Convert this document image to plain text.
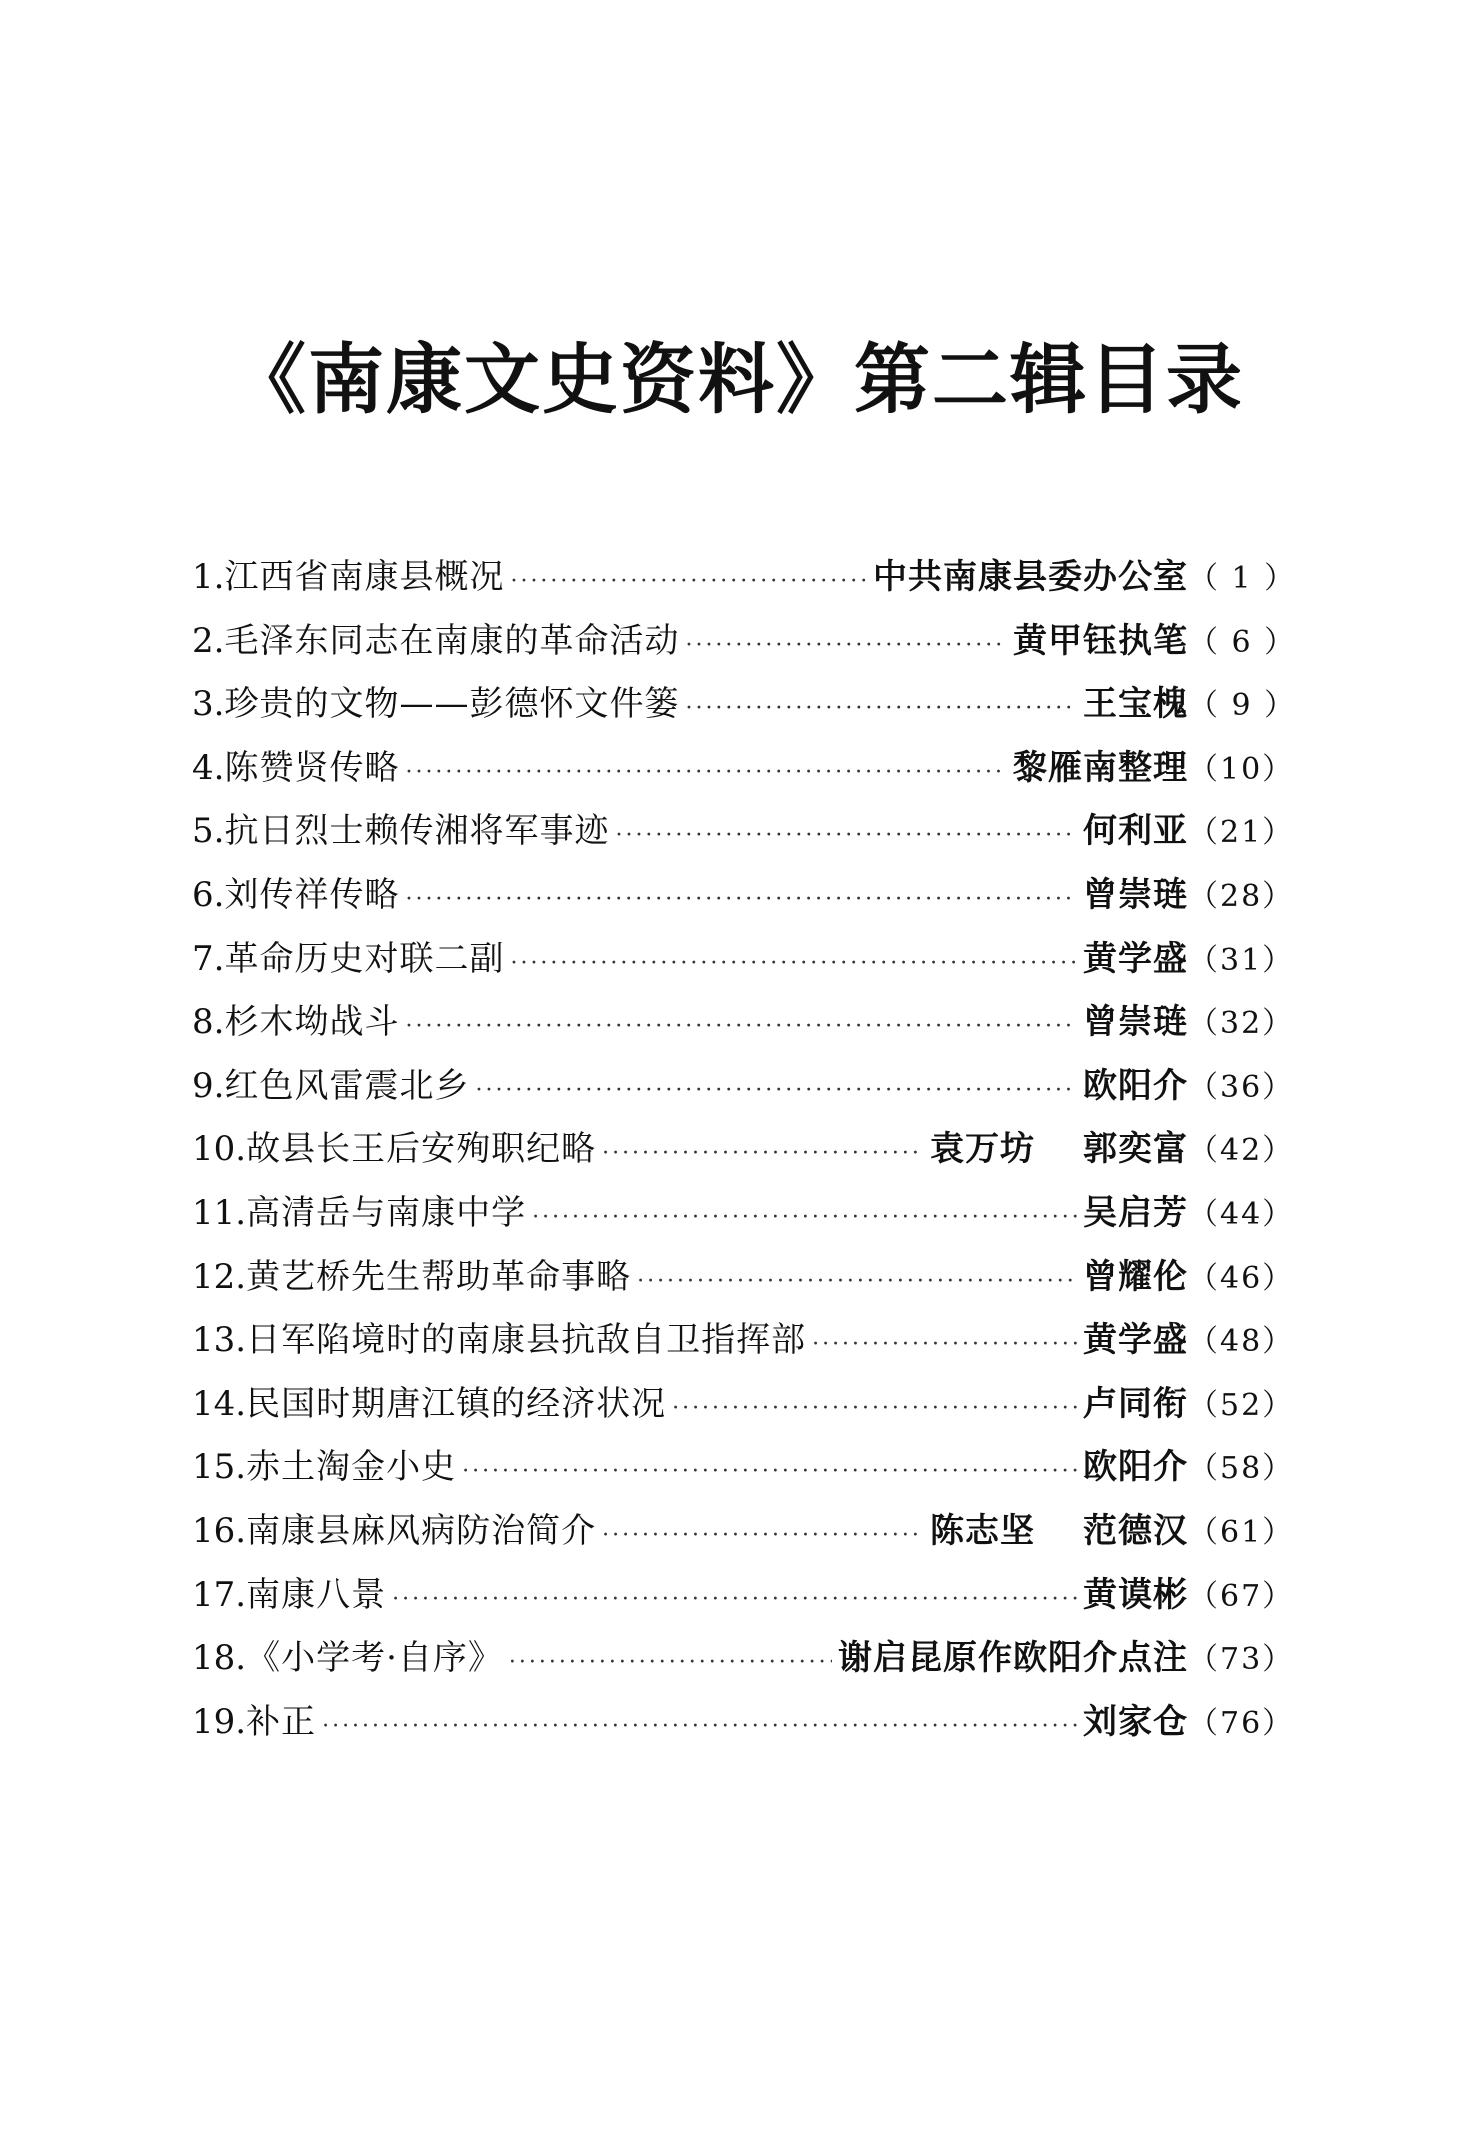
《南康文史资料》第二辑目录
1. 江西省南康县概况 ·····	中共南康县委办公室 （ 1 ）
2. 毛泽东同志在南康的革命活动 ·····	黄甲钰执笔 （ 6 ）
3. 珍贵的文物——彭德怀文件篓 ·····	王宝槐 （ 9 ）
4. 陈赞贤传略 ·····	黎雁南整理 （10）
5. 抗日烈士赖传湘将军事迹 ·····	何利亚 （21）
6. 刘传祥传略 ·····	曾崇琏 （28）
7. 革命历史对联二副 ·····	黄学盛 （31）
8. 杉木坳战斗 ·····	曾崇琏 （32）
9. 红色风雷震北乡 ·····	欧阳介 （36）
10. 故县长王后安殉职纪略 ·····	袁万坊 郭奕富 （42）
11. 高清岳与南康中学 ·····	吴启芳 （44）
12. 黄艺桥先生帮助革命事略 ·····	曾耀伦 （46）
13. 日军陷境时的南康县抗敌自卫指挥部 ·····	黄学盛 （48）
14. 民国时期唐江镇的经济状况 ·····	卢同衔 （52）
15. 赤土淘金小史 ·····	欧阳介 （58）
16. 南康县麻风病防治简介 ·····	陈志坚 范德汉 （61）
17. 南康八景 ·····	黄谟彬 （67）
18. 《小学考·自序》 ·····	谢启昆原作欧阳介点注 （73）
19. 补正 ·····	刘家仓 （76）
